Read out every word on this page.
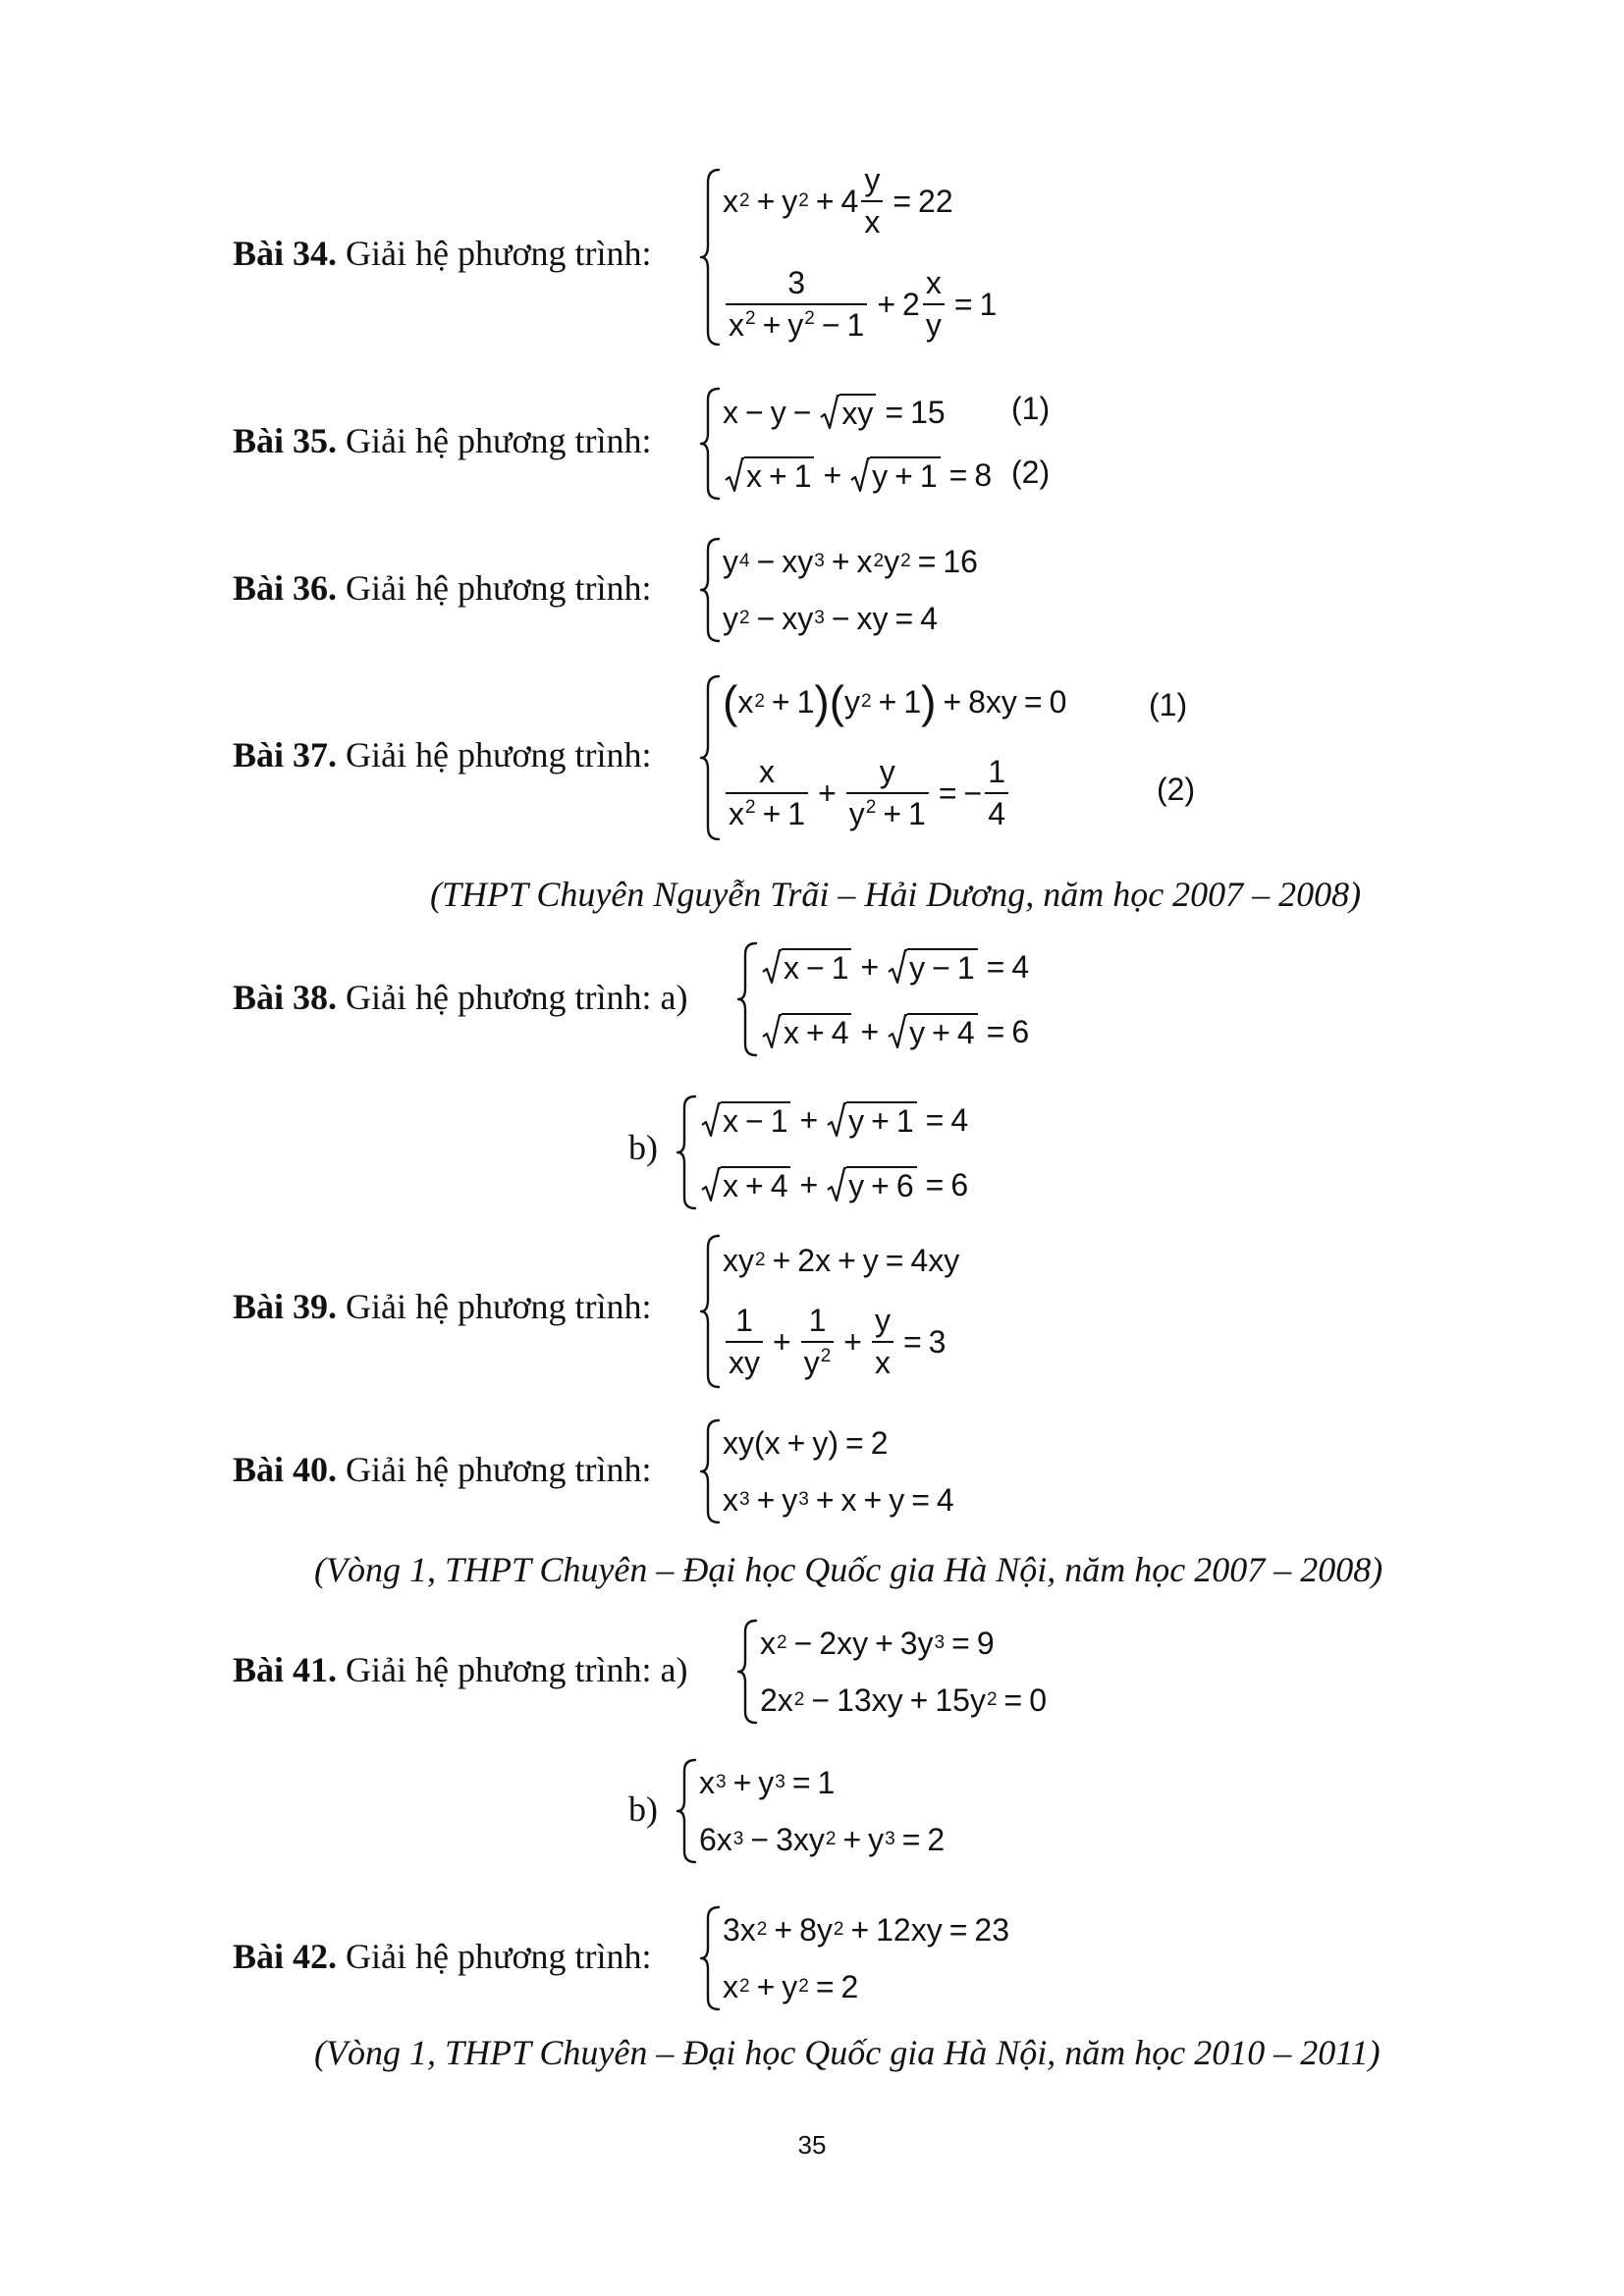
Bài 34. Giải hệ phương trình:
x 2 + y $2 + 4 \frac{y}{x} = 22$
$\frac{3}{x^2 + y^2 - 1} + 2 \frac{x}{y} = 1$
Bài 35. Giải hệ phương trình:
x − y − xy = 15
x + 1 + y + 1 = 8
(1)
(2)
Bài 36. Giải hệ phương trình:
y 4 − xy 3 + x 2 y 2 = 16
y 2 − xy 3 − xy = 4
Bài 37. Giải hệ phương trình:
( x 2 + 1 ) ( y 2 + 1 ) + 8xy = 0
$\frac{x}{x^2 + 1} + \frac{y}{y^2 + 1}$ = − $\frac{1}{4}$
(1)
(2)
(THPT Chuyên Nguyễn Trãi – Hải Dương, năm học 2007 – 2008)
Bài 38. Giải hệ phương trình: a)
x − 1 + y − 1 = 4
x + 4 + y + 4 = 6
b)
x − 1 + y + 1 = 4
x + 4 + y + 6 = 6
Bài 39. Giải hệ phương trình:
xy 2 + 2x + y = 4xy
$\frac{1}{xy} + \frac{1}{y^2} + \frac{y}{x} = 3$
Bài 40. Giải hệ phương trình:
xy(x + y) = 2
x 3 + y 3 + x + y = 4
(Vòng 1, THPT Chuyên – Đại học Quốc gia Hà Nội, năm học 2007 – 2008)
Bài 41. Giải hệ phương trình: a)
x 2 − 2xy + 3y 3 = 9
2x 2 − 13xy + 15y 2 = 0
b)
x 3 + y 3 = 1
6x 3 − 3xy 2 + y 3 = 2
Bài 42. Giải hệ phương trình:
3x 2 + 8y 2 + 12xy = 23
x 2 + y 2 = 2
(Vòng 1, THPT Chuyên – Đại học Quốc gia Hà Nội, năm học 2010 – 2011)
35
